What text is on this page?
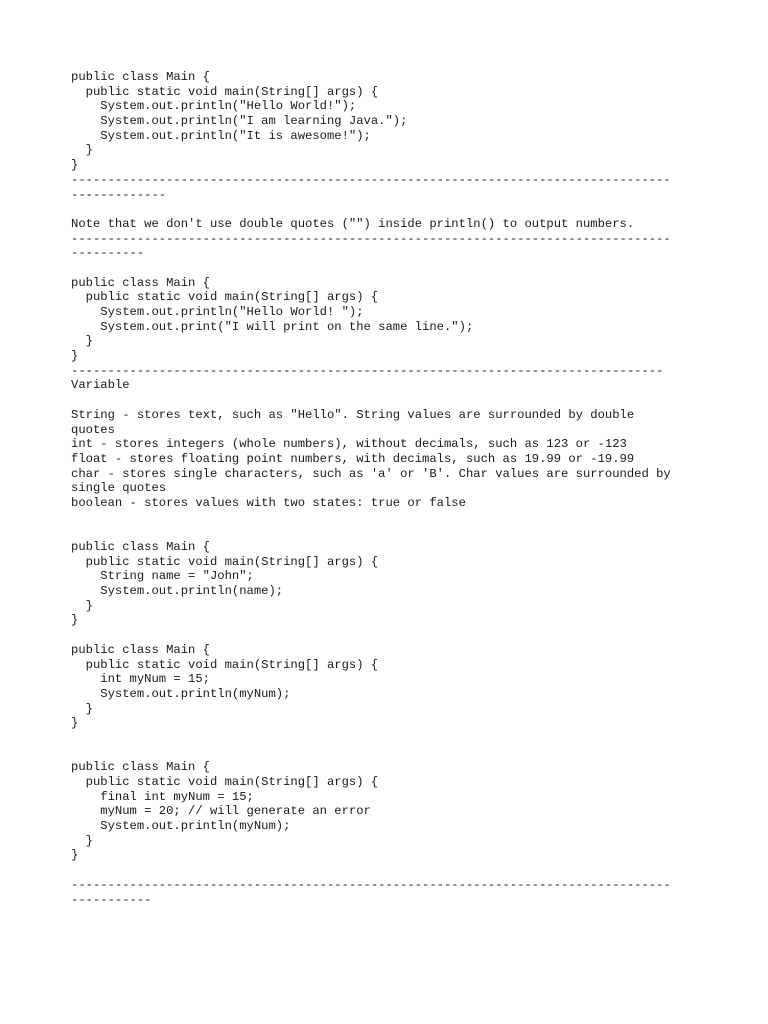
public class Main {
public static void main(String[] args) {
System.out.println("Hello World!");
System.out.println("I am learning Java.");
System.out.println("It is awesome!");
}
}
----------------------------------------------------------------------------------
-------------
Note that we don't use double quotes ("") inside println() to output numbers.
----------------------------------------------------------------------------------
----------
public class Main {
public static void main(String[] args) {
System.out.println("Hello World! ");
System.out.print("I will print on the same line.");
}
}
---------------------------------------------------------------------------------
Variable
String - stores text, such as "Hello". String values are surrounded by double
quotes
int - stores integers (whole numbers), without decimals, such as 123 or -123
float - stores floating point numbers, with decimals, such as 19.99 or -19.99
char - stores single characters, such as 'a' or 'B'. Char values are surrounded by
single quotes
boolean - stores values with two states: true or false
public class Main {
public static void main(String[] args) {
String name = "John";
System.out.println(name);
}
}
public class Main {
public static void main(String[] args) {
int myNum = 15;
System.out.println(myNum);
}
}
public class Main {
public static void main(String[] args) {
final int myNum = 15;
myNum = 20; // will generate an error
System.out.println(myNum);
}
}
----------------------------------------------------------------------------------
-----------
